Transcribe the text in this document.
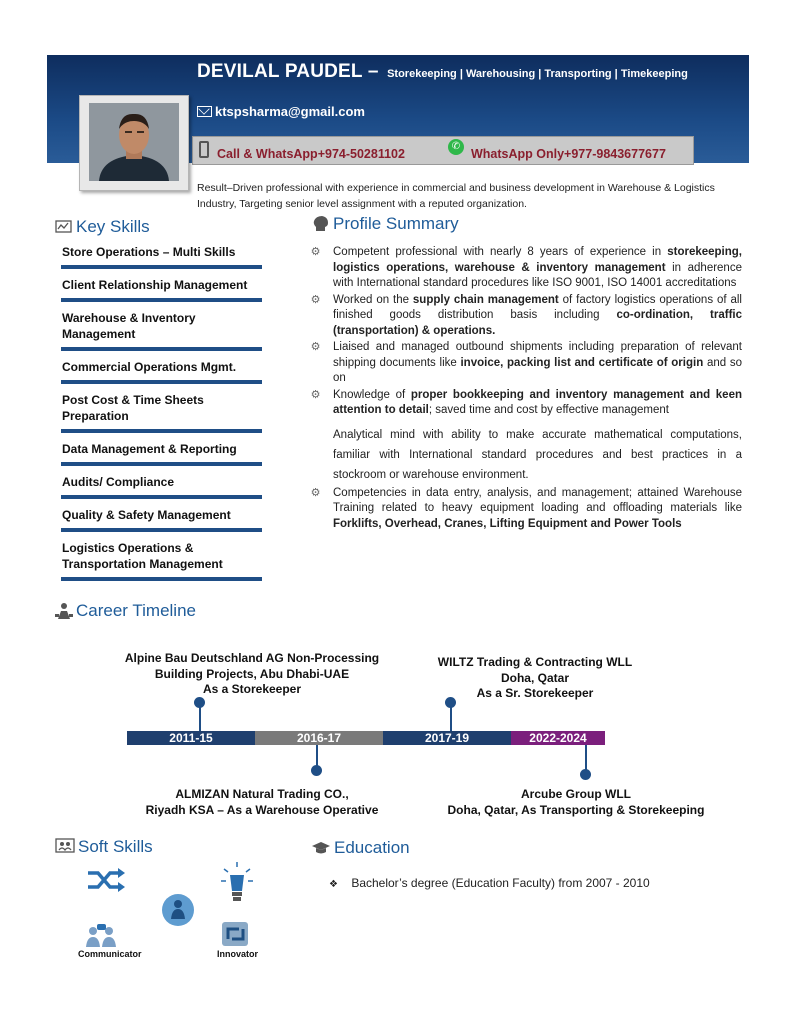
DEVILAL PAUDEL – Storekeeping | Warehousing | Transporting | Timekeeping
ktspsharma@gmail.com
Call & WhatsApp+974-50281102
✆
WhatsApp Only+977-9843677677
Result–Driven professional with experience in commercial and business development in Warehouse & Logistics Industry, Targeting senior level assignment with a reputed organization.
Key Skills
Store Operations – Multi Skills
Client Relationship Management
Warehouse & Inventory Management
Commercial Operations Mgmt.
Post Cost & Time Sheets Preparation
Data Management & Reporting
Audits/ Compliance
Quality & Safety Management
Logistics Operations & Transportation Management
Profile Summary
⚙ Competent professional with nearly 8 years of experience in storekeeping, logistics operations, warehouse & inventory management in adherence with International standard procedures like ISO 9001, ISO 14001 accreditations
⚙ Worked on the supply chain management of factory logistics operations of all finished goods distribution basis including co-ordination, traffic (transportation) & operations.
⚙ Liaised and managed outbound shipments including preparation of relevant shipping documents like invoice, packing list and certificate of origin and so on
⚙ Knowledge of proper bookkeeping and inventory management and keen attention to detail; saved time and cost by effective management
Analytical mind with ability to make accurate mathematical computations, familiar with International standard procedures and best practices in a stockroom or warehouse environment.
⚙ Competencies in data entry, analysis, and management; attained Warehouse Training related to heavy equipment loading and offloading materials like Forklifts, Overhead, Cranes, Lifting Equipment and Power Tools
Career Timeline
Alpine Bau Deutschland AG Non-Processing
Building Projects, Abu Dhabi-UAE
As a Storekeeper
WILTZ Trading & Contracting WLL
Doha, Qatar
As a Sr. Storekeeper
2011-15	2016-17	2017-19	2022-2024
ALMIZAN Natural Trading CO.,
Riyadh KSA – As a Warehouse Operative
Arcube Group WLL
Doha, Qatar, As Transporting & Storekeeping
Soft Skills
Communicator	Innovator
Education
❖ Bachelor’s degree (Education Faculty) from 2007 - 2010
